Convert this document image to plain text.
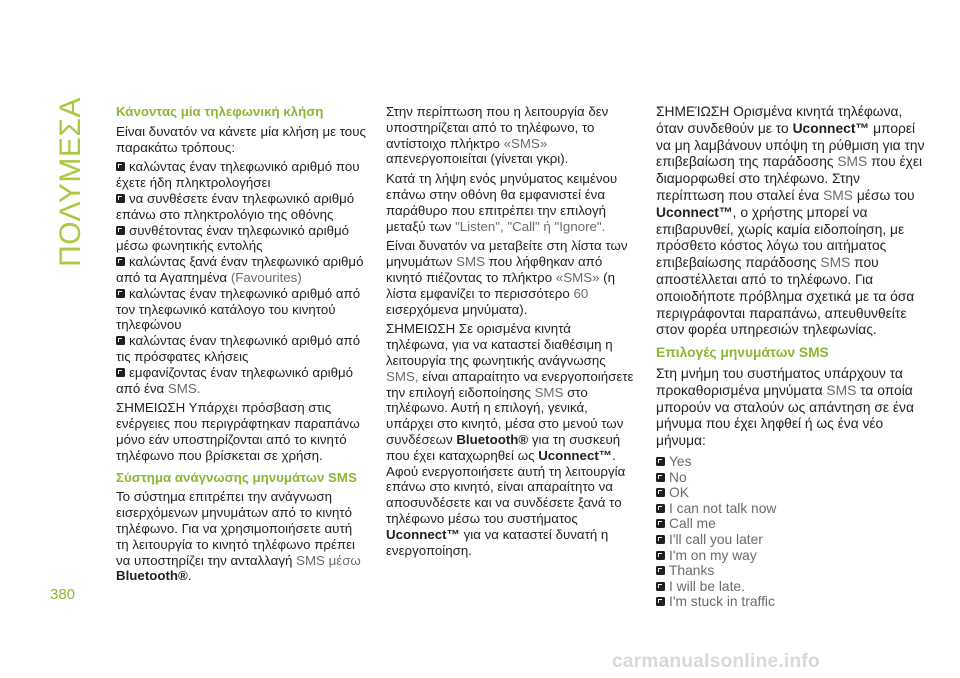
ΠΟΛΥΜΕΣΑ Κάνοντας μία τηλεφωνική κλήση

Είναι δυνατόν να κάνετε μία κλήση με τους παρακάτω τρόπους:

καλώντας έναν τηλεφωνικό αριθμό που έχετε ήδη πληκτρολογήσει
να συνθέσετε έναν τηλεφωνικό αριθμό επάνω στο πληκτρολόγιο της οθόνης
συνθέτοντας έναν τηλεφωνικό αριθμό μέσω φωνητικής εντολής
καλώντας ξανά έναν τηλεφωνικό αριθμό από τα Αγαπημένα (Favourites)
καλώντας έναν τηλεφωνικό αριθμό από τον τηλεφωνικό κατάλογο του κινητού τηλεφώνου
καλώντας έναν τηλεφωνικό αριθμό από τις πρόσφατες κλήσεις
εμφανίζοντας έναν τηλεφωνικό αριθμό από ένα SMS.

ΣΗΜΕΙΩΣΗ Υπάρχει πρόσβαση στις ενέργειες που περιγράφτηκαν παραπάνω μόνο εάν υποστηρίζονται από το κινητό τηλέφωνο που βρίσκεται σε χρήση.

Σύστημα ανάγνωσης μηνυμάτων SMS

Το σύστημα επιτρέπει την ανάγνωση εισερχόμενων μηνυμάτων από το κινητό τηλέφωνο. Για να χρησιμοποιήσετε αυτή τη λειτουργία το κινητό τηλέφωνο πρέπει να υποστηρίζει την ανταλλαγή SMS μέσω Bluetooth®.

Στην περίπτωση που η λειτουργία δεν υποστηρίζεται από το τηλέφωνο, το αντίστοιχο πλήκτρο «SMS» απενεργοποιείται (γίνεται γκρι).

Κατά τη λήψη ενός μηνύματος κειμένου επάνω στην οθόνη θα εμφανιστεί ένα παράθυρο που επιτρέπει την επιλογή μεταξύ των "Listen", "Call" ή "Ignore".

Είναι δυνατόν να μεταβείτε στη λίστα των μηνυμάτων SMS που λήφθηκαν από κινητό πιέζοντας το πλήκτρο «SMS» (η λίστα εμφανίζει το περισσότερο 60 εισερχόμενα μηνύματα).

ΣΗΜΕΙΩΣΗ Σε ορισμένα κινητά τηλέφωνα, για να καταστεί διαθέσιμη η λειτουργία της φωνητικής ανάγνωσης SMS, είναι απαραίτητο να ενεργοποιήσετε την επιλογή ειδοποίησης SMS στο τηλέφωνο. Αυτή η επιλογή, γενικά, υπάρχει στο κινητό, μέσα στο μενού των συνδέσεων Bluetooth® για τη συσκευή που έχει καταχωρηθεί ως Uconnect™. Αφού ενεργοποιήσετε αυτή τη λειτουργία επάνω στο κινητό, είναι απαραίτητο να αποσυνδέσετε και να συνδέσετε ξανά το τηλέφωνο μέσω του συστήματος Uconnect™ για να καταστεί δυνατή η ενεργοποίηση.

ΣΗΜΕΊΩΣΗ Ορισμένα κινητά τηλέφωνα, όταν συνδεθούν με το Uconnect™ μπορεί να μη λαμβάνουν υπόψη τη ρύθμιση για την επιβεβαίωση της παράδοσης SMS που έχει διαμορφωθεί στο τηλέφωνο. Στην περίπτωση που σταλεί ένα SMS μέσω του Uconnect™, ο χρήστης μπορεί να επιβαρυνθεί, χωρίς καμία ειδοποίηση, με πρόσθετο κόστος λόγω του αιτήματος επιβεβαίωσης παράδοσης SMS που αποστέλλεται από το τηλέφωνο. Για οποιοδήποτε πρόβλημα σχετικά με τα όσα περιγράφονται παραπάνω, απευθυνθείτε στον φορέα υπηρεσιών τηλεφωνίας.

Επιλογές μηνυμάτων SMS

Στη μνήμη του συστήματος υπάρχουν τα προκαθορισμένα μηνύματα SMS τα οποία μπορούν να σταλούν ως απάντηση σε ένα μήνυμα που έχει ληφθεί ή ως ένα νέο μήνυμα:

Yes
No
OK
I can not talk now
Call me
I'll call you later
I'm on my way
Thanks
I will be late.
I'm stuck in traffic
380
carmanualsonline.info
